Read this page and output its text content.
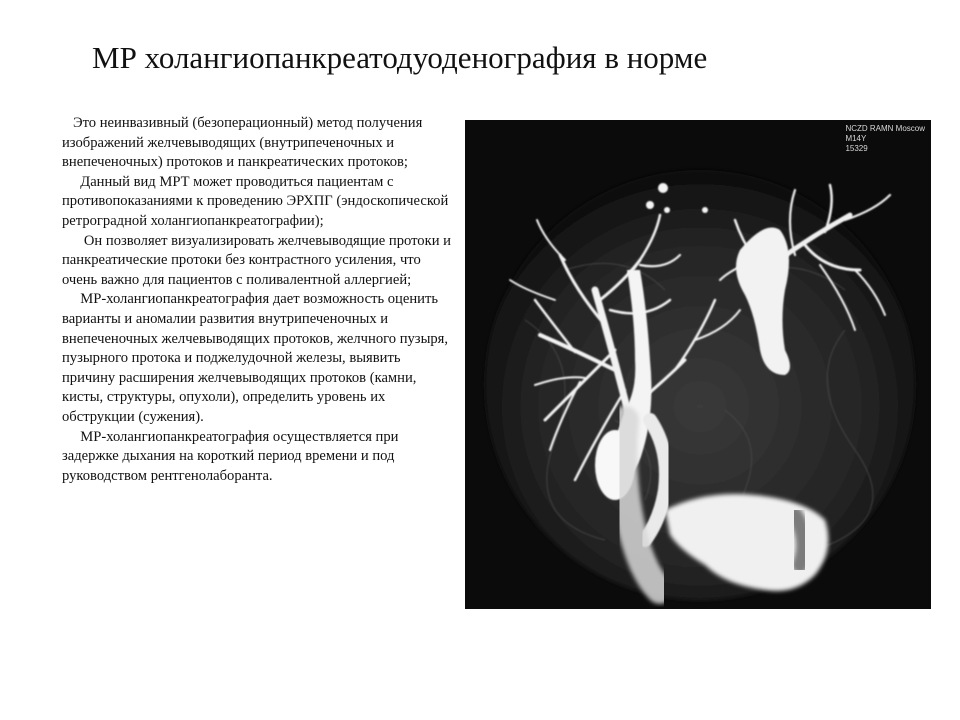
МР холангиопанкреатодуоденография в норме

Это неинвазивный (безоперационный) метод получения изображений желчевыводящих (внутрипеченочных и внепеченочных) протоков и панкреатических протоков;

Данный вид МРТ может проводиться пациентам с противопоказаниями к проведению ЭРХПГ (эндоскопической ретроградной холангиопанкреатографии);

Он позволяет визуализировать желчевыводящие протоки и панкреатические протоки без контрастного усиления, что очень важно для пациентов с поливалентной аллергией;

МР-холангиопанкреатография дает возможность оценить варианты и аномалии развития внутрипеченочных и внепеченочных желчевыводящих протоков, желчного пузыря, пузырного протока и поджелудочной железы, выявить причину расширения желчевыводящих протоков (камни, кисты, структуры, опухоли), определить уровень их обструкции (сужения).

МР-холангиопанкреатография осуществляется при задержке дыхания на короткий период времени и под руководством рентгенолаборанта.

NCZD RAMN Moscow
M14Y
15329
